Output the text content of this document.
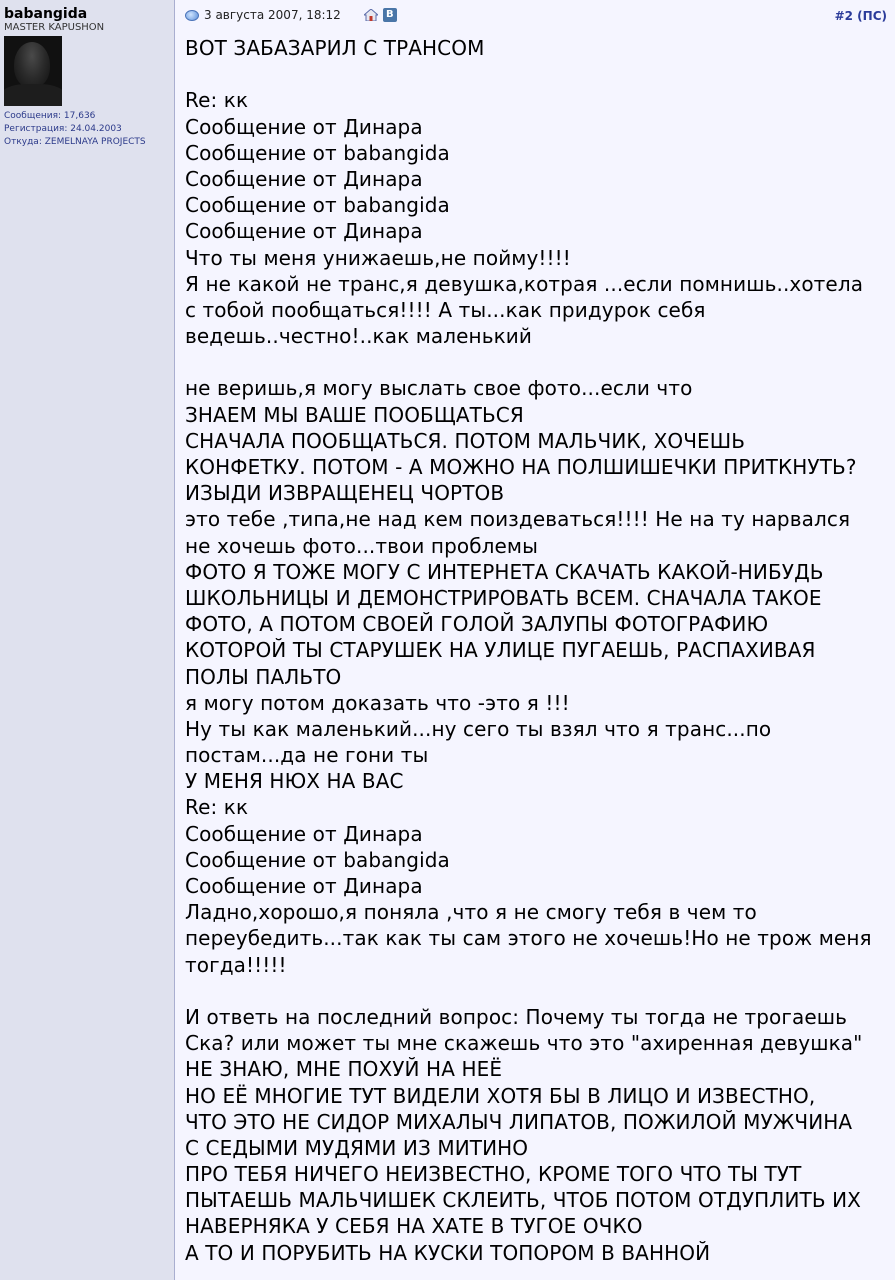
babangida
MASTER KAPUSHON
Сообщения: 17,636
Регистрация: 24.04.2003
Откуда: ZEMELNAYA PROJECTS
3 августа 2007, 18:12	B	#2 (ПС)
ВОТ ЗАБАЗАРИЛ С ТРАНСОМ
Re: кк
Сообщение от Динара
Сообщение от babangida
Сообщение от Динара
Сообщение от babangida
Сообщение от Динара
Что ты меня унижаешь,не пойму!!!!
Я не какой не транс,я девушка,котрая ...если помнишь..хотела
с тобой пообщаться!!!! А ты...как придурок себя
ведешь..честно!..как маленький
не веришь,я могу выслать свое фото...если что
ЗНАЕМ МЫ ВАШЕ ПООБЩАТЬСЯ
СНАЧАЛА ПООБЩАТЬСЯ. ПОТОМ МАЛЬЧИК, ХОЧЕШЬ
КОНФЕТКУ. ПОТОМ - А МОЖНО НА ПОЛШИШЕЧКИ ПРИТКНУТЬ?
ИЗЫДИ ИЗВРАЩЕНЕЦ ЧОРТОВ
это тебе ,типа,не над кем поиздеваться!!!! Не на ту нарвался
не хочешь фото...твои проблемы
ФОТО Я ТОЖЕ МОГУ С ИНТЕРНЕТА СКАЧАТЬ КАКОЙ-НИБУДЬ
ШКОЛЬНИЦЫ И ДЕМОНСТРИРОВАТЬ ВСЕМ. СНАЧАЛА ТАКОЕ
ФОТО, А ПОТОМ СВОЕЙ ГОЛОЙ ЗАЛУПЫ ФОТОГРАФИЮ
КОТОРОЙ ТЫ СТАРУШЕК НА УЛИЦЕ ПУГАЕШЬ, РАСПАХИВАЯ
ПОЛЫ ПАЛЬТО
я могу потом доказать что -это я !!!
Ну ты как маленький...ну сего ты взял что я транс...по
постам...да не гони ты
У МЕНЯ НЮХ НА ВАС
Re: кк
Сообщение от Динара
Сообщение от babangida
Сообщение от Динара
Ладно,хорошо,я поняла ,что я не смогу тебя в чем то
переубедить...так как ты сам этого не хочешь!Но не трож меня
тогда!!!!!
И ответь на последний вопрос: Почему ты тогда не трогаешь
Ска? или может ты мне скажешь что это "ахиренная девушка"
НЕ ЗНАЮ, МНЕ ПОХУЙ НА НЕЁ
НО ЕЁ МНОГИЕ ТУТ ВИДЕЛИ ХОТЯ БЫ В ЛИЦО И ИЗВЕСТНО,
ЧТО ЭТО НЕ СИДОР МИХАЛЫЧ ЛИПАТОВ, ПОЖИЛОЙ МУЖЧИНА
С СЕДЫМИ МУДЯМИ ИЗ МИТИНО
ПРО ТЕБЯ НИЧЕГО НЕИЗВЕСТНО, КРОМЕ ТОГО ЧТО ТЫ ТУТ
ПЫТАЕШЬ МАЛЬЧИШЕК СКЛЕИТЬ, ЧТОБ ПОТОМ ОТДУПЛИТЬ ИХ
НАВЕРНЯКА У СЕБЯ НА ХАТЕ В ТУГОЕ ОЧКО
А ТО И ПОРУБИТЬ НА КУСКИ ТОПОРОМ В ВАННОЙ
